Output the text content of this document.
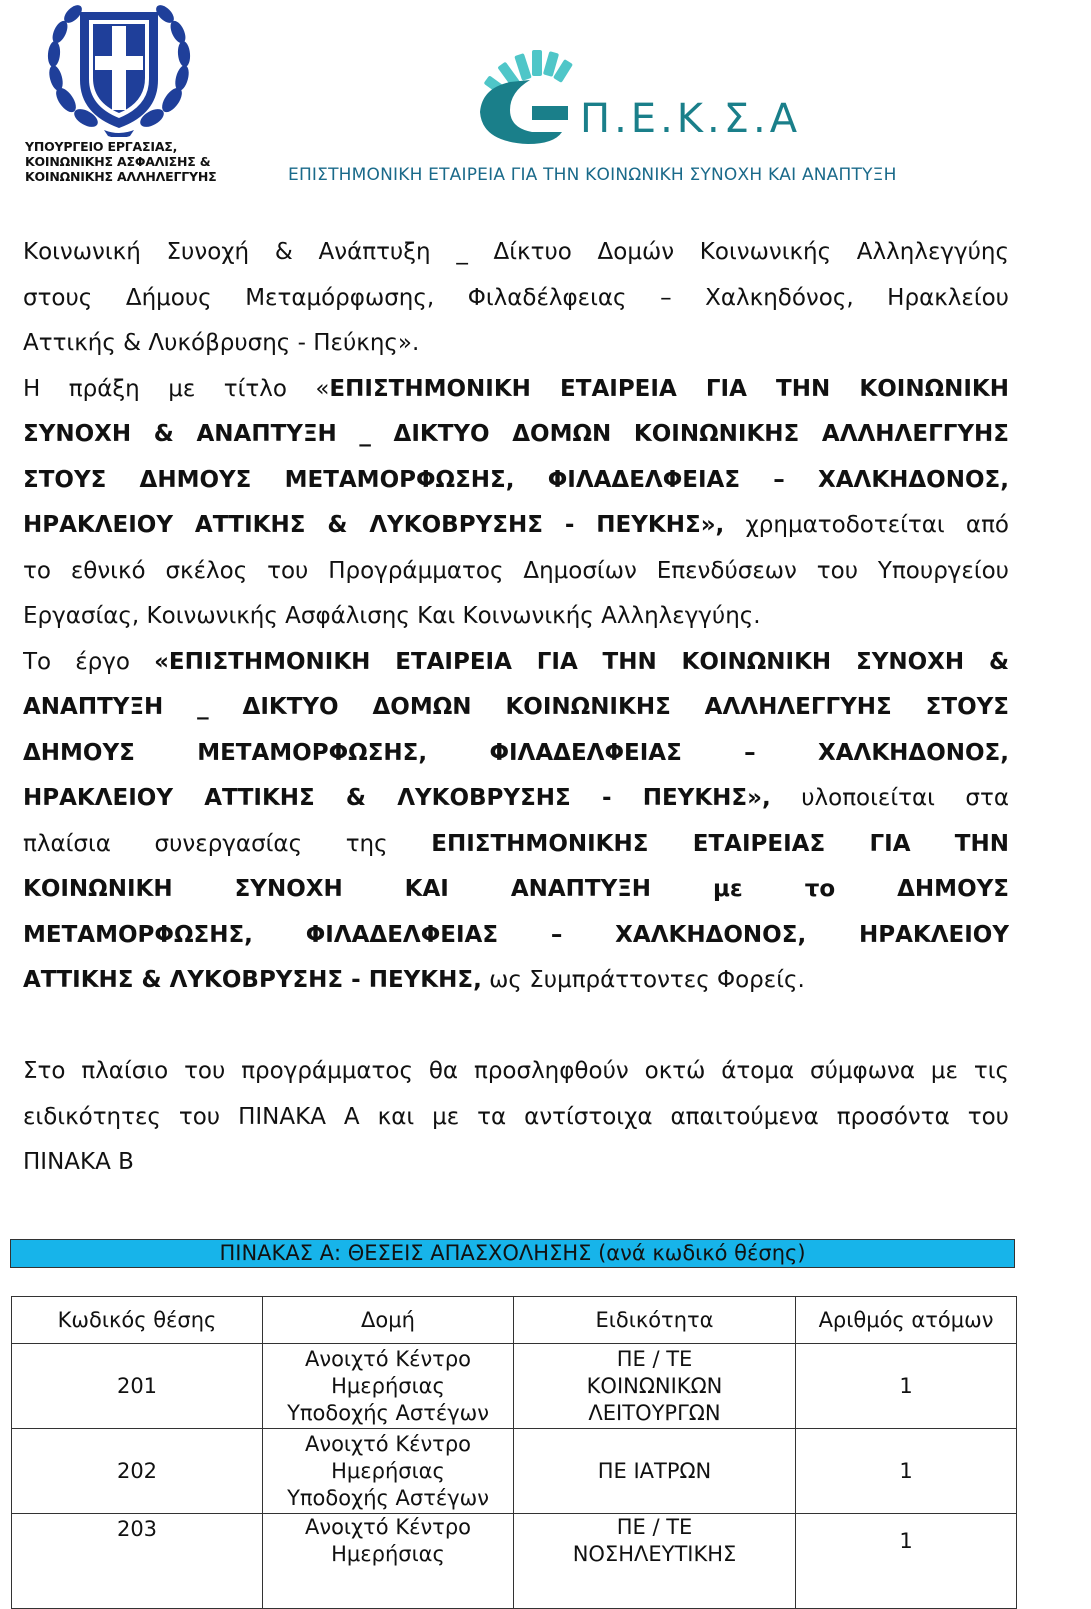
ΥΠΟΥΡΓΕΙΟ ΕΡΓΑΣΙΑΣ,
ΚΟΙΝΩΝΙΚΗΣ ΑΣΦΑΛΙΣΗΣ &
ΚΟΙΝΩΝΙΚΗΣ ΑΛΛΗΛΕΓΓΥΗΣ
Π.Ε.Κ.Σ.Α
ΕΠΙΣΤΗΜΟΝΙΚΗ ΕΤΑΙΡΕΙΑ ΓΙΑ ΤΗΝ ΚΟΙΝΩΝΙΚΗ ΣΥΝΟΧΗ ΚΑΙ ΑΝΑΠΤΥΞΗ
Κοινωνική Συνοχή & Ανάπτυξη _ Δίκτυο Δομών Κοινωνικής Αλληλεγγύης
στους Δήμους Μεταμόρφωσης, Φιλαδέλφειας – Χαλκηδόνος, Ηρακλείου
Αττικής & Λυκόβρυσης - Πεύκης».
Η πράξη με τίτλο «ΕΠΙΣΤΗΜΟΝΙΚΗ ΕΤΑΙΡΕΙΑ ΓΙΑ ΤΗΝ ΚΟΙΝΩΝΙΚΗ
ΣΥΝΟΧΗ & ΑΝΑΠΤΥΞΗ _ ΔΙΚΤΥΟ ΔΟΜΩΝ ΚΟΙΝΩΝΙΚΗΣ ΑΛΛΗΛΕΓΓΥΗΣ
ΣΤΟΥΣ ΔΗΜΟΥΣ ΜΕΤΑΜΟΡΦΩΣΗΣ, ΦΙΛΑΔΕΛΦΕΙΑΣ – ΧΑΛΚΗΔΟΝΟΣ,
ΗΡΑΚΛΕΙΟΥ ΑΤΤΙΚΗΣ & ΛΥΚΟΒΡΥΣΗΣ - ΠΕΥΚΗΣ», χρηματοδοτείται από
το εθνικό σκέλος του Προγράμματος Δημοσίων Επενδύσεων του Υπουργείου
Εργασίας, Κοινωνικής Ασφάλισης Και Κοινωνικής Αλληλεγγύης.
Το έργο «ΕΠΙΣΤΗΜΟΝΙΚΗ ΕΤΑΙΡΕΙΑ ΓΙΑ ΤΗΝ ΚΟΙΝΩΝΙΚΗ ΣΥΝΟΧΗ &
ΑΝΑΠΤΥΞΗ _ ΔΙΚΤΥΟ ΔΟΜΩΝ ΚΟΙΝΩΝΙΚΗΣ ΑΛΛΗΛΕΓΓΥΗΣ ΣΤΟΥΣ
ΔΗΜΟΥΣ ΜΕΤΑΜΟΡΦΩΣΗΣ, ΦΙΛΑΔΕΛΦΕΙΑΣ – ΧΑΛΚΗΔΟΝΟΣ,
ΗΡΑΚΛΕΙΟΥ ΑΤΤΙΚΗΣ & ΛΥΚΟΒΡΥΣΗΣ - ΠΕΥΚΗΣ», υλοποιείται στα
πλαίσια συνεργασίας της ΕΠΙΣΤΗΜΟΝΙΚΗΣ ΕΤΑΙΡΕΙΑΣ ΓΙΑ ΤΗΝ
ΚΟΙΝΩΝΙΚΗ ΣΥΝΟΧΗ ΚΑΙ ΑΝΑΠΤΥΞΗ με το ΔΗΜΟΥΣ
ΜΕΤΑΜΟΡΦΩΣΗΣ, ΦΙΛΑΔΕΛΦΕΙΑΣ – ΧΑΛΚΗΔΟΝΟΣ, ΗΡΑΚΛΕΙΟΥ
ΑΤΤΙΚΗΣ & ΛΥΚΟΒΡΥΣΗΣ - ΠΕΥΚΗΣ, ως Συμπράττοντες Φορείς.
Στο πλαίσιο του προγράμματος θα προσληφθούν οκτώ άτομα σύμφωνα με τις
ειδικότητες του ΠΙΝΑΚΑ Α και με τα αντίστοιχα απαιτούμενα προσόντα του
ΠΙΝΑΚΑ Β
ΠΙΝΑΚΑΣ Α: ΘΕΣΕΙΣ ΑΠΑΣΧΟΛΗΣΗΣ (ανά κωδικό θέσης)
Κωδικός θέσης	Δομή	Ειδικότητα	Αριθμός ατόμων
201	Ανοιχτό Κέντρο
Ημερήσιας
Υποδοχής Αστέγων	ΠΕ / ΤΕ
ΚΟΙΝΩΝΙΚΩΝ
ΛΕΙΤΟΥΡΓΩΝ	1
202	Ανοιχτό Κέντρο
Ημερήσιας
Υποδοχής Αστέγων	ΠΕ ΙΑΤΡΩΝ	1
203	Ανοιχτό Κέντρο
Ημερήσιας	ΠΕ / ΤΕ
ΝΟΣΗΛΕΥΤΙΚΗΣ	1
